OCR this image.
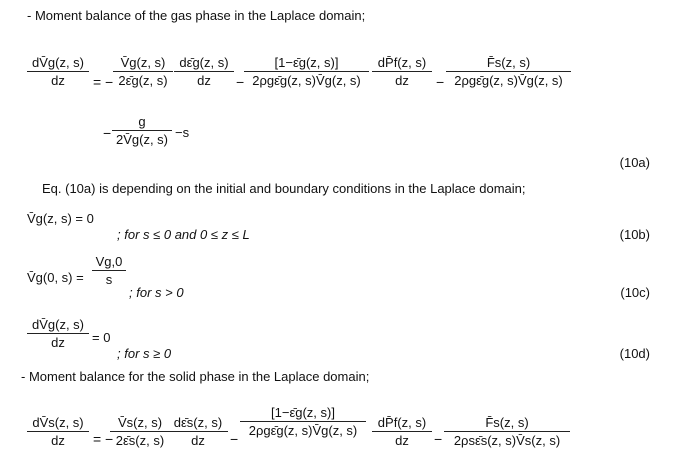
- Moment balance of the gas phase in the Laplace domain;
dV̄g(z, s)
dz	= −
V̄g(z, s)
2ε̄g(z, s)
dε̄g(z, s)
dz	−
[1−ε̄g(z, s)]
2ρgε̄g(z, s)V̄g(z, s)
dP̄f(z, s)
dz	−
F̄s(z, s)
2ρgε̄g(z, s)V̄g(z, s)
−
g
2V̄g(z, s) −s
(10a)
Eq. (10a) is depending on the initial and boundary conditions in the Laplace domain;
V̄g(z, s) = 0
; for s ≤ 0 and 0 ≤ z ≤ L	(10b)
V̄g(0, s) =
Vg,0
s
; for s > 0	(10c)
dV̄g(z, s)
dz	= 0
; for s ≥ 0	(10d)
- Moment balance for the solid phase in the Laplace domain;
dV̄s(z, s)
dz	= −
V̄s(z, s)
2ε̄s(z, s)
dε̄s(z, s)
dz	−
[1−ε̄g(z, s)]
2ρgε̄g(z, s)V̄g(z, s)
dP̄f(z, s)
dz	−
F̄s(z, s)
2ρsε̄s(z, s)V̄s(z, s)
